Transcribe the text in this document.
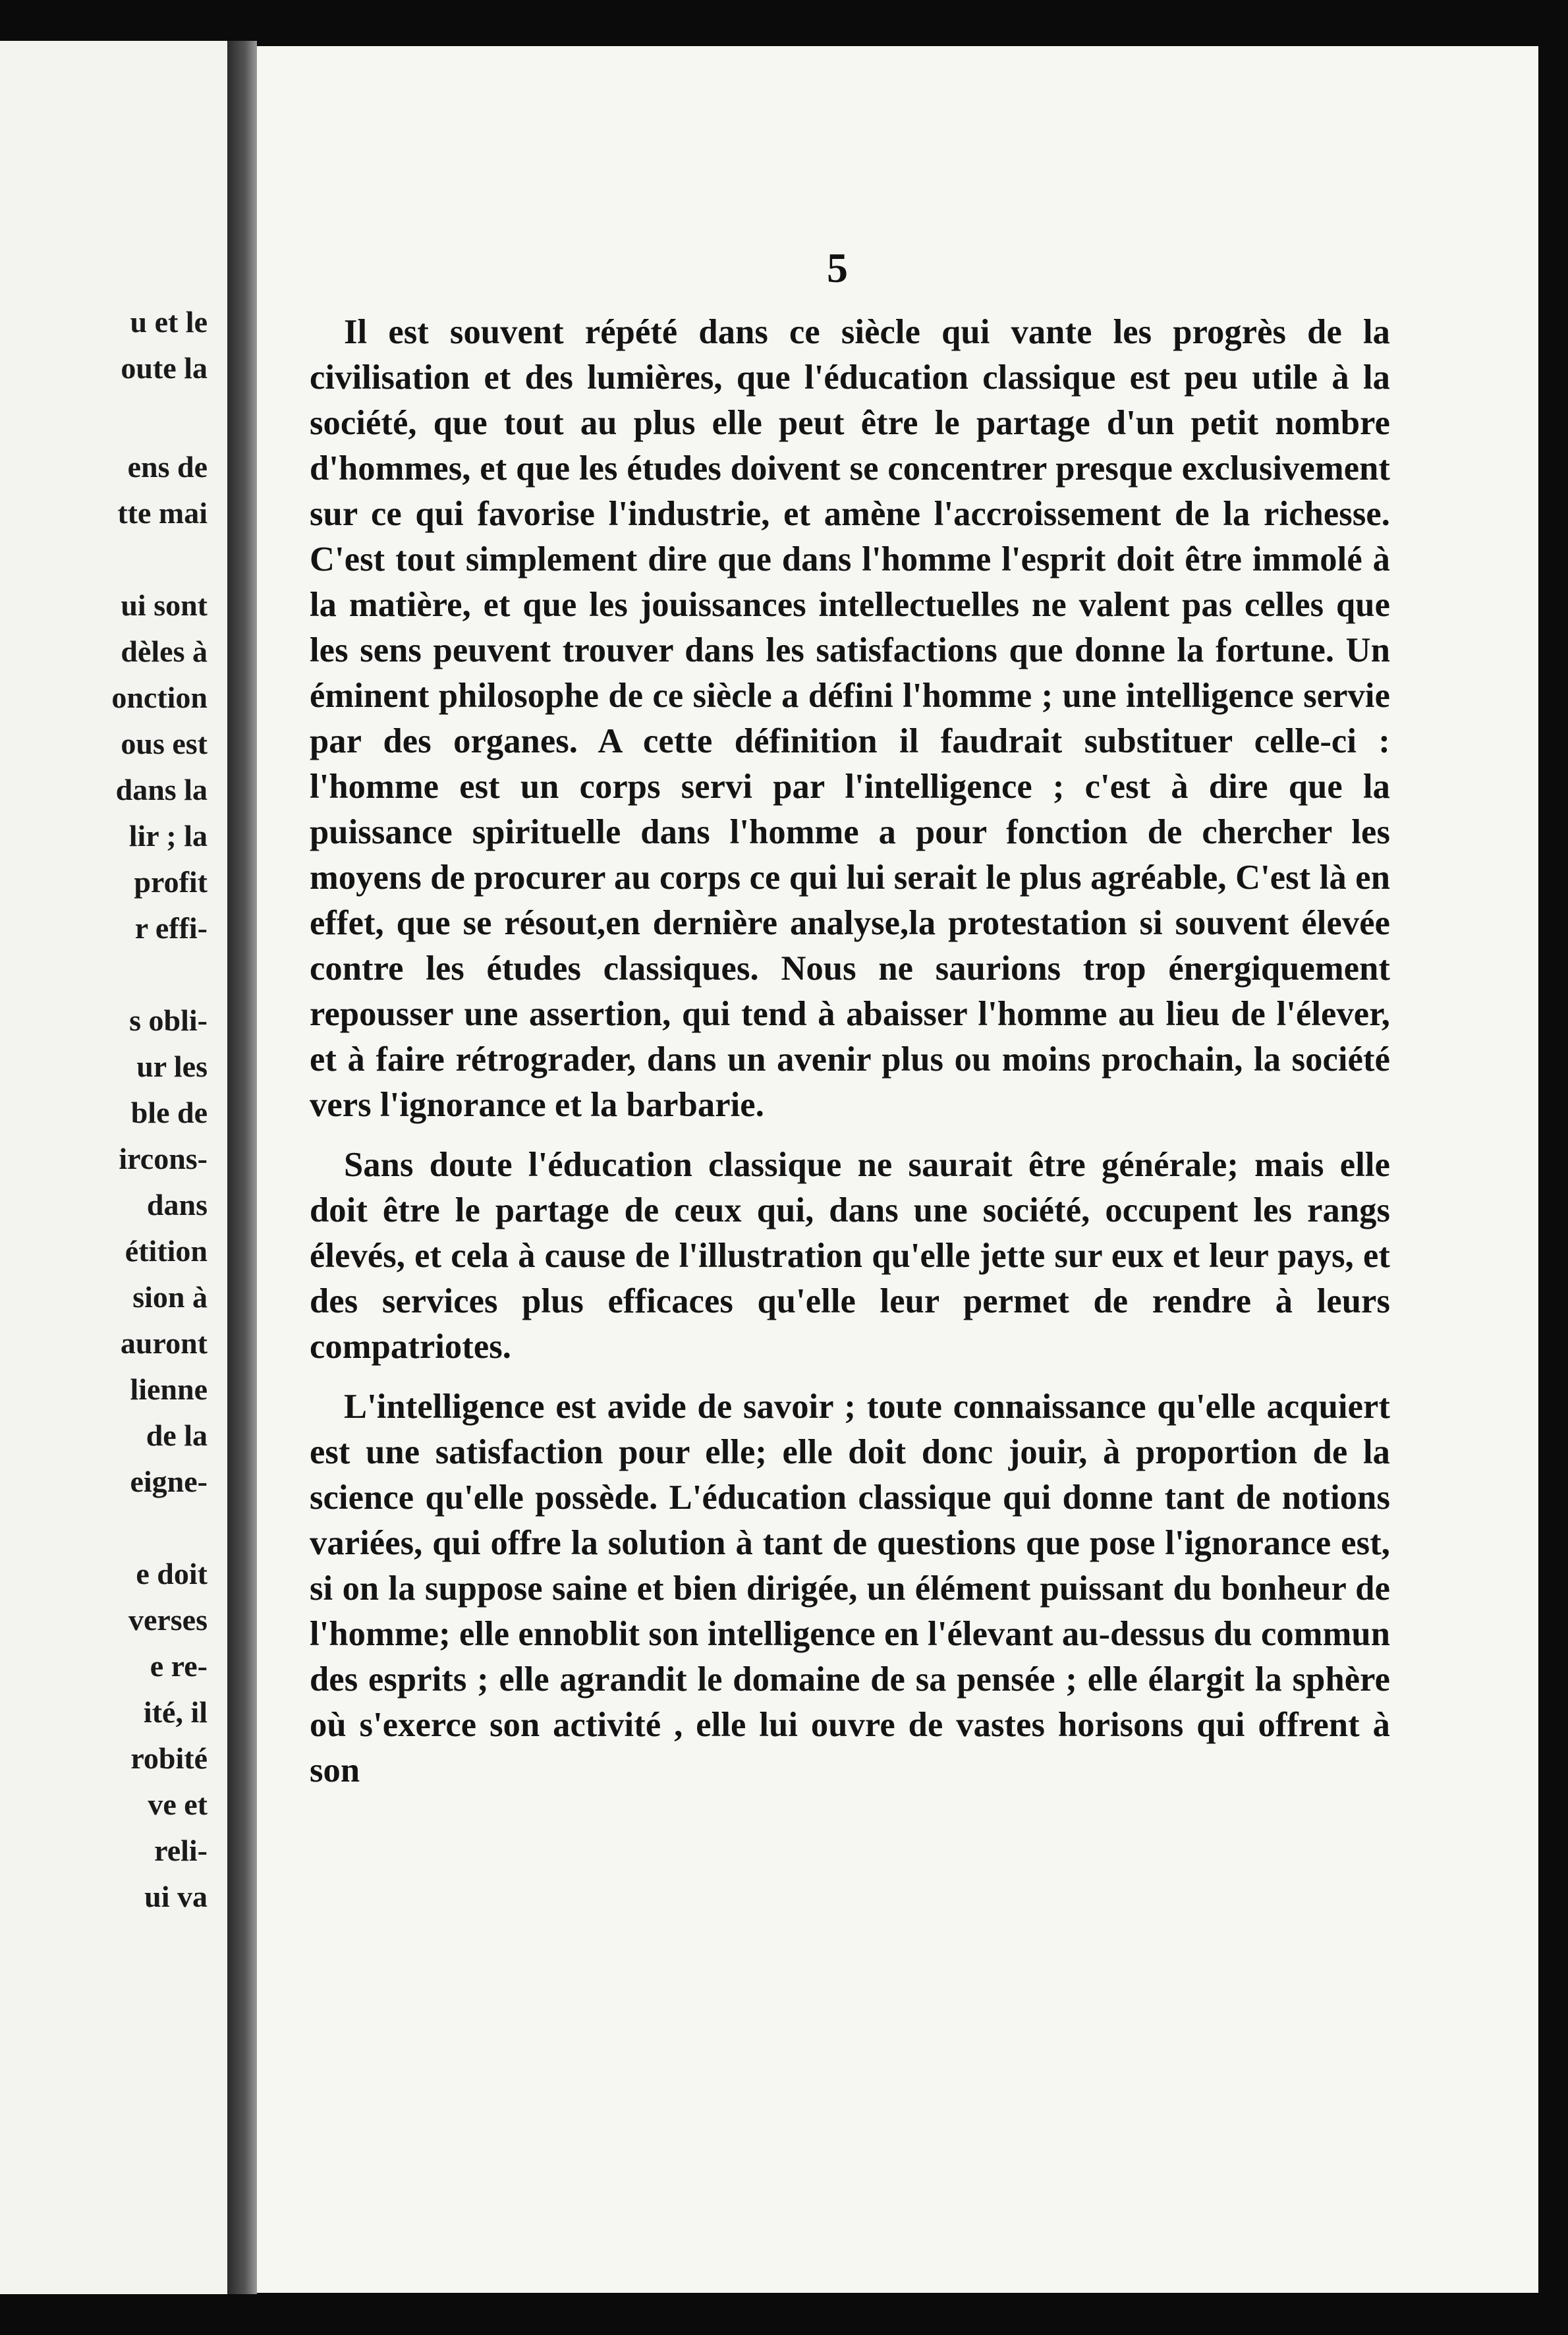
u et le
oute la
ens de
tte mai
ui sont
dèles à
onction
ous est
dans la
lir ; la
profit
r effi-
s obli-
ur les
ble de
ircons-
dans
étition
sion à
auront
lienne
de la
eigne-
e doit
verses
e re-
ité, il
robité
ve et
reli-
ui va
5

Il est souvent répété dans ce siècle qui vante les progrès de la civilisation et des lumières, que l'éducation classique est peu utile à la société, que tout au plus elle peut être le partage d'un petit nombre d'hommes, et que les études doivent se concentrer presque exclusivement sur ce qui favorise l'industrie, et amène l'accroissement de la richesse. C'est tout simplement dire que dans l'homme l'esprit doit être immolé à la matière, et que les jouissances intellectuelles ne valent pas celles que les sens peuvent trouver dans les satisfactions que donne la fortune. Un éminent philosophe de ce siècle a défini l'homme ; une intelligence servie par des organes. A cette définition il faudrait substituer celle-ci : l'homme est un corps servi par l'intelligence ; c'est à dire que la puissance spirituelle dans l'homme a pour fonction de chercher les moyens de procurer au corps ce qui lui serait le plus agréable, C'est là en effet, que se résout,en dernière analyse,la protestation si souvent élevée contre les études classiques. Nous ne saurions trop énergiquement repousser une assertion, qui tend à abaisser l'homme au lieu de l'élever, et à faire rétrograder, dans un avenir plus ou moins prochain, la société vers l'ignorance et la barbarie.

Sans doute l'éducation classique ne saurait être générale; mais elle doit être le partage de ceux qui, dans une société, occupent les rangs élevés, et cela à cause de l'illustration qu'elle jette sur eux et leur pays, et des services plus efficaces qu'elle leur permet de rendre à leurs compatriotes.

L'intelligence est avide de savoir ; toute connaissance qu'elle acquiert est une satisfaction pour elle; elle doit donc jouir, à proportion de la science qu'elle possède. L'éducation classique qui donne tant de notions variées, qui offre la solution à tant de questions que pose l'ignorance est, si on la suppose saine et bien dirigée, un élément puissant du bonheur de l'homme; elle ennoblit son intelligence en l'élevant au-dessus du commun des esprits ; elle agrandit le domaine de sa pensée ; elle élargit la sphère où s'exerce son activité , elle lui ouvre de vastes horisons qui offrent à son
